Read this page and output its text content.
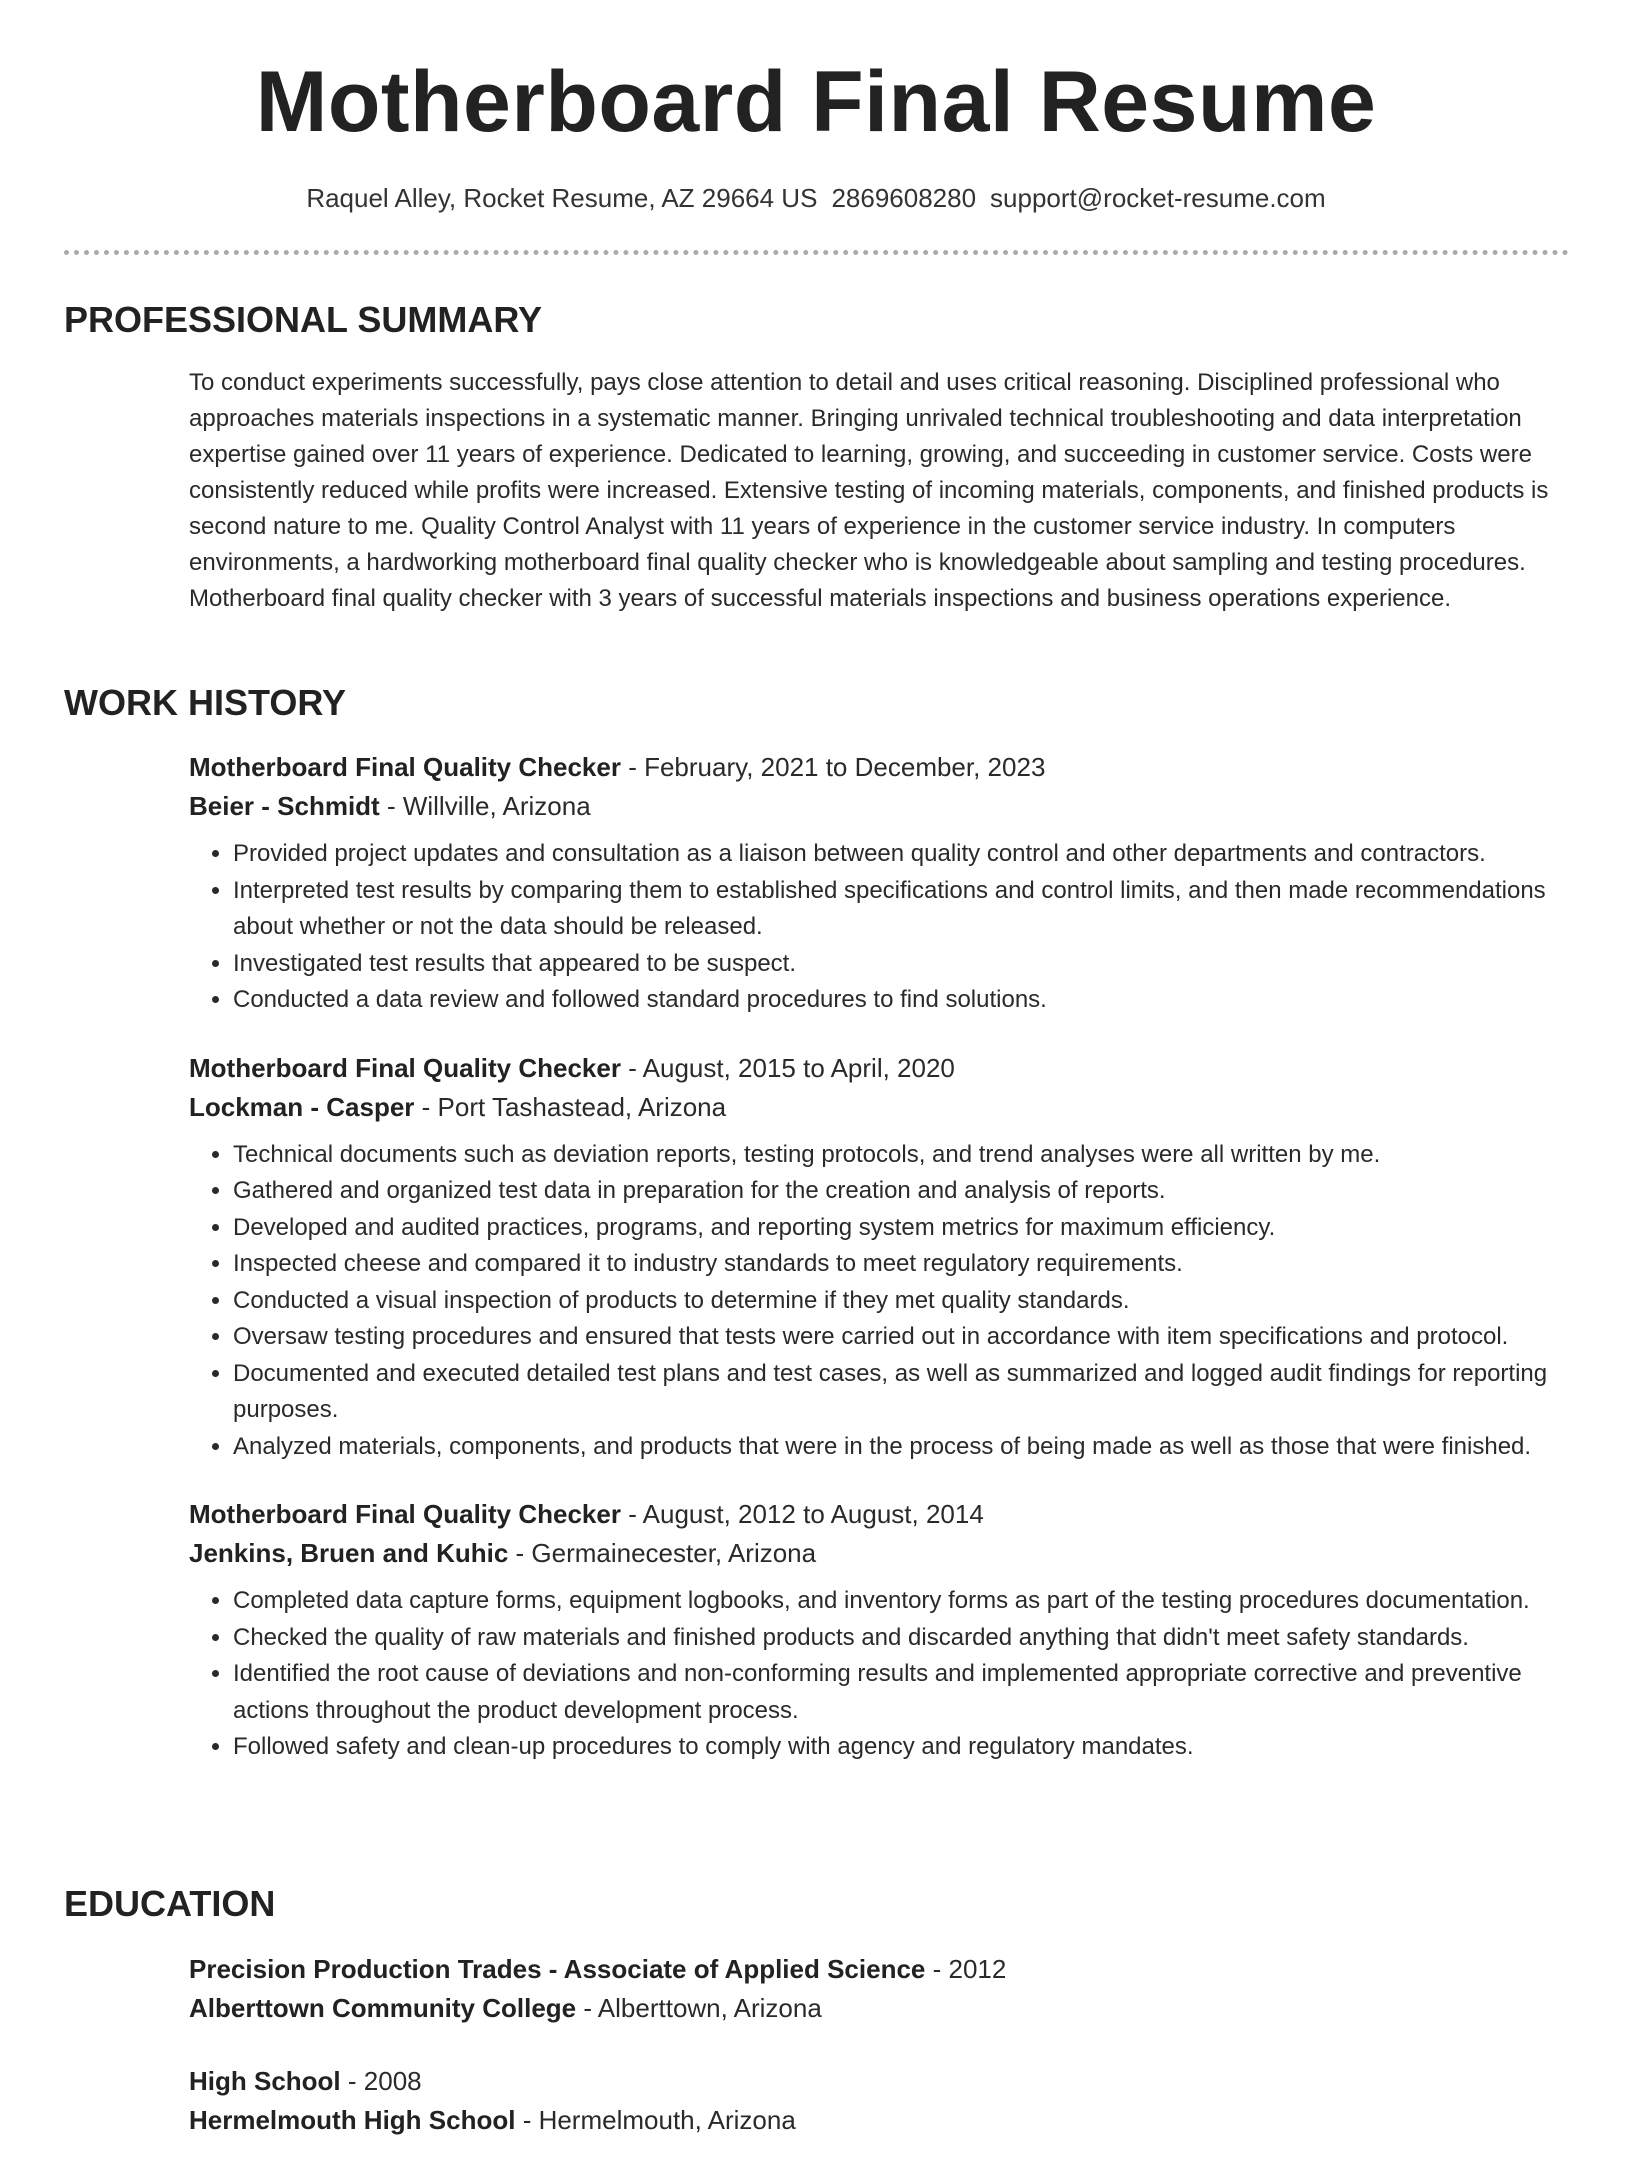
Motherboard Final Resume
Raquel Alley, Rocket Resume, AZ 29664 US 2869608280 support@rocket-resume.com
PROFESSIONAL SUMMARY
To conduct experiments successfully, pays close attention to detail and uses critical reasoning. Disciplined professional who approaches materials inspections in a systematic manner. Bringing unrivaled technical troubleshooting and data interpretation expertise gained over 11 years of experience. Dedicated to learning, growing, and succeeding in customer service. Costs were consistently reduced while profits were increased. Extensive testing of incoming materials, components, and finished products is second nature to me. Quality Control Analyst with 11 years of experience in the customer service industry. In computers environments, a hardworking motherboard final quality checker who is knowledgeable about sampling and testing procedures. Motherboard final quality checker with 3 years of successful materials inspections and business operations experience.
WORK HISTORY
Motherboard Final Quality Checker - February, 2021 to December, 2023
Beier - Schmidt - Willville, Arizona
• Provided project updates and consultation as a liaison between quality control and other departments and contractors.
• Interpreted test results by comparing them to established specifications and control limits, and then made recommendations about whether or not the data should be released.
• Investigated test results that appeared to be suspect.
• Conducted a data review and followed standard procedures to find solutions.
Motherboard Final Quality Checker - August, 2015 to April, 2020
Lockman - Casper - Port Tashastead, Arizona
• Technical documents such as deviation reports, testing protocols, and trend analyses were all written by me.
• Gathered and organized test data in preparation for the creation and analysis of reports.
• Developed and audited practices, programs, and reporting system metrics for maximum efficiency.
• Inspected cheese and compared it to industry standards to meet regulatory requirements.
• Conducted a visual inspection of products to determine if they met quality standards.
• Oversaw testing procedures and ensured that tests were carried out in accordance with item specifications and protocol.
• Documented and executed detailed test plans and test cases, as well as summarized and logged audit findings for reporting purposes.
• Analyzed materials, components, and products that were in the process of being made as well as those that were finished.
Motherboard Final Quality Checker - August, 2012 to August, 2014
Jenkins, Bruen and Kuhic - Germainecester, Arizona
• Completed data capture forms, equipment logbooks, and inventory forms as part of the testing procedures documentation.
• Checked the quality of raw materials and finished products and discarded anything that didn't meet safety standards.
• Identified the root cause of deviations and non-conforming results and implemented appropriate corrective and preventive actions throughout the product development process.
• Followed safety and clean-up procedures to comply with agency and regulatory mandates.
EDUCATION
Precision Production Trades - Associate of Applied Science - 2012
Alberttown Community College - Alberttown, Arizona
High School - 2008
Hermelmouth High School - Hermelmouth, Arizona
